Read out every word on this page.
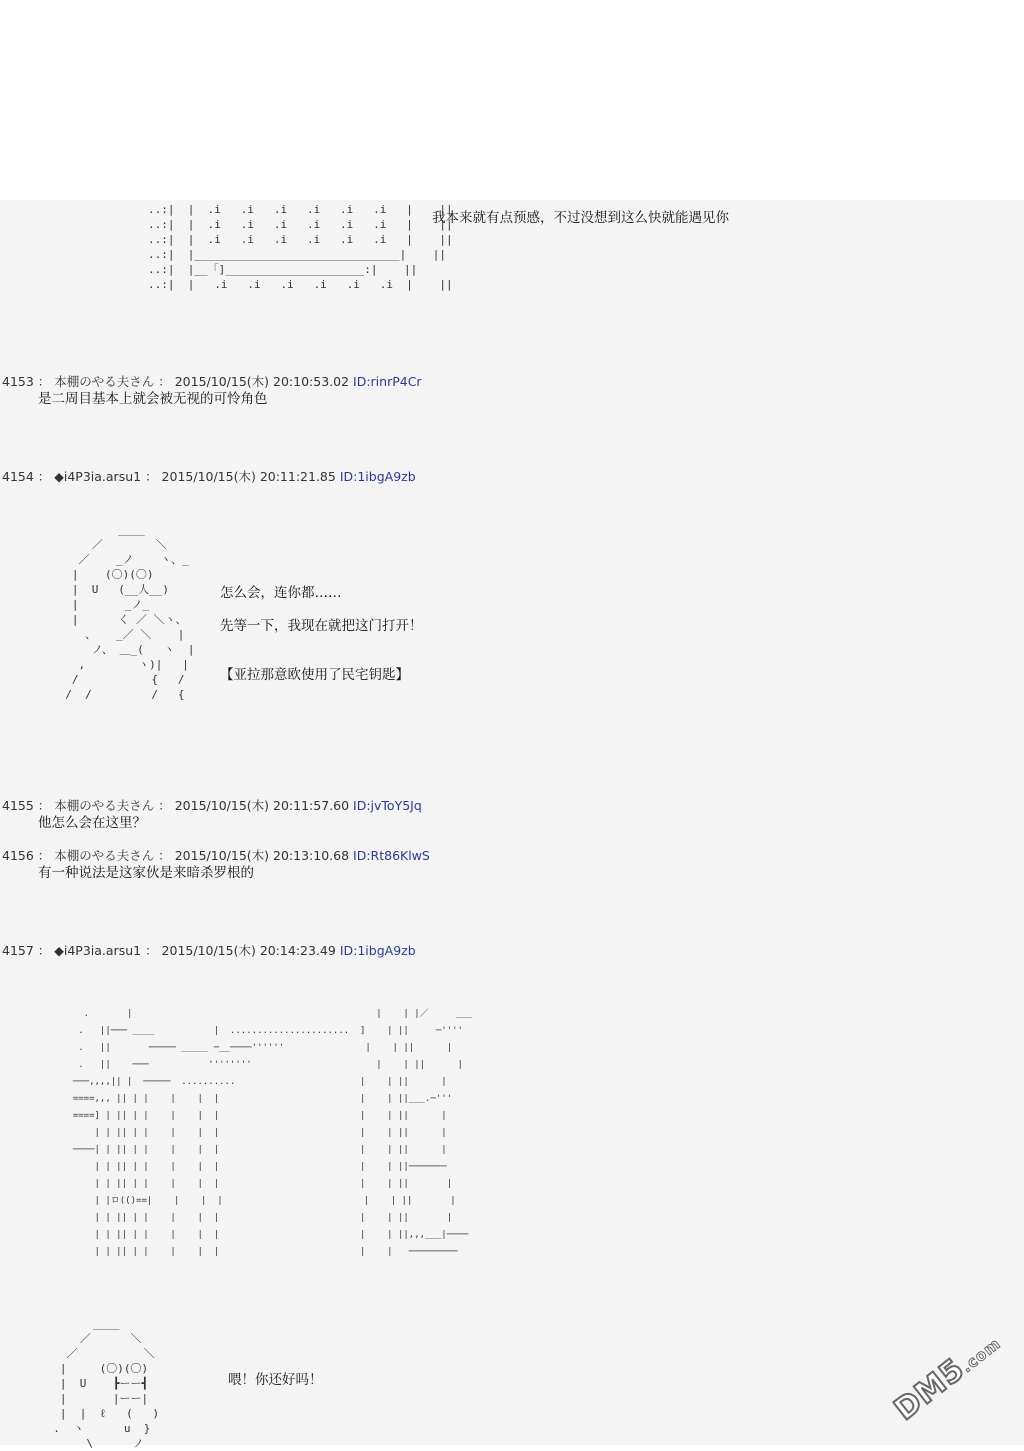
..:|  |  .i   .i   .i   .i   .i   .i   |    ||
..:|  |  .i   .i   .i   .i   .i   .i   |    ||
..:|  |  .i   .i   .i   .i   .i   .i   |    ||
..:|  |_______________________________|    ||
..:|  |__「]_____________________:|    ||
..:|  |   .i   .i   .i   .i   .i   .i  |    ||
我本来就有点预感，不过没想到这么快就能遇见你
4153 ： 本棚のやる夫さん ： 2015/10/15(木) 20:10:53.02 ID:rinrP4Cr
是二周目基本上就会被无视的可怜角色
4154 ： ◆i4P3ia.arsu1 ： 2015/10/15(木) 20:11:21.85 ID:1ibgA9zb
____
／        ＼
／    _ノ    ヽ、_
|    (〇)(〇)
|  U   (__人__)
|       _ノ_
|      く ／ ＼ヽ、
、   _／ ＼    |
ノ、 ＿_(   ヽ  |
,        ヽ)|   |
/           {   /
/  /         /   {
怎么会，连你都……
先等一下，我现在就把这门打开！
【亚拉那意欧使用了民宅钥匙】
4155 ： 本棚のやる夫さん ： 2015/10/15(木) 20:11:57.60 ID:jvToY5Jq
他怎么会在这里？
4156 ： 本棚のやる夫さん ： 2015/10/15(木) 20:13:10.68 ID:Rt86KlwS
有一种说法是这家伙是来暗杀罗根的
4157 ： ◆i4P3ia.arsu1 ： 2015/10/15(木) 20:14:23.49 ID:1ibgA9zb
.       |                                             |    | |／     ___
.   ||─── ____           |  ......................  ]    | ||     ─''''
.   ||       ───── _____ ─__────''''''               |    | ||      |
.   ||    ───           ''''''''                       |    | ||      |
───,,,,|| |  ─────  ..........                       |    | ||      |
====,,, || | |    |    |  |                          |    | ||___.─'''
====] | || | |    |    |  |                          |    | ||      |
| | || | |    |    |  |                          |    | ||      |
────| | || | |    |    |  |                          |    | ||      |
| | || | |    |    |  |                          |    | ||───────
| | || | |    |    |  |                          |    | ||       |
| |ロ(()==|    |    |  |                          |    | ||       |
| | || | |    |    |  |                          |    | ||       |
| | || | |    |    |  |                          |    | ||,,,___|────
| | || | |    |    |  |                          |    |   ─────────
____
／      ＼
／          ＼
|     (〇)(〇)
|  U    ┣ーー┫
|       |ーー|
|  |  ℓ   (   )
.  ヽ      u  }
\      ノ
喂！你还好吗！	DM5.com
